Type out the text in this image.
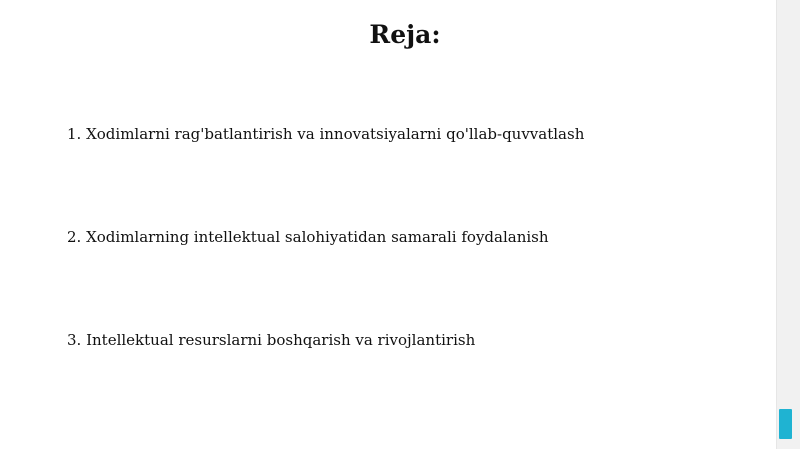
Reja:
1. Xodimlarni rag'batlantirish va innovatsiyalarni qo'llab-quvvatlash
2. Xodimlarning intellektual salohiyatidan samarali foydalanish
3. Intellektual resurslarni boshqarish va rivojlantirish
